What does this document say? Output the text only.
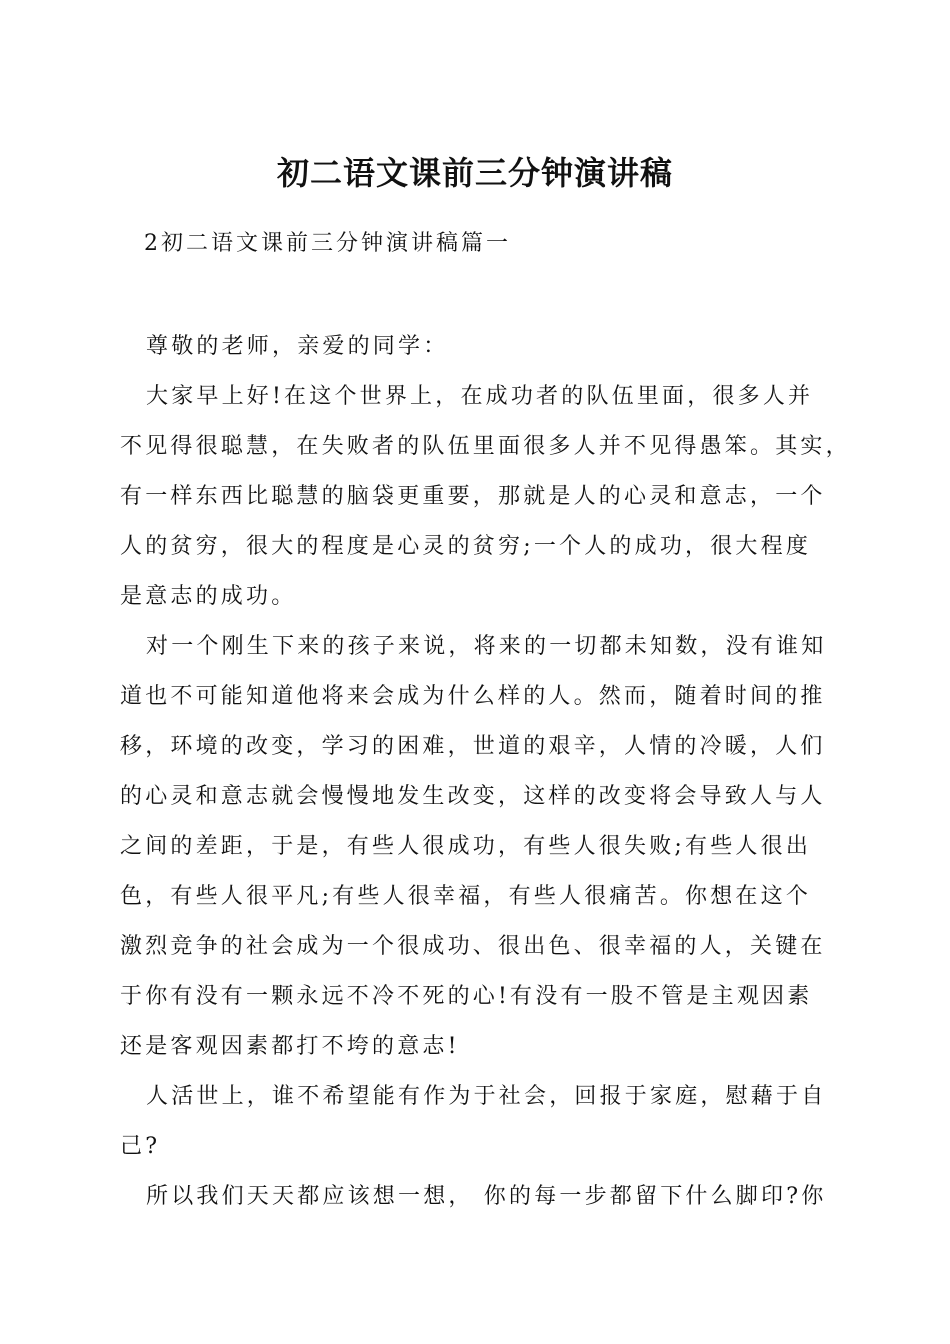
初二语文课前三分钟演讲稿
2初二语文课前三分钟演讲稿篇一
尊敬的老师，亲爱的同学：
大家早上好!在这个世界上，在成功者的队伍里面，很多人并
不见得很聪慧，在失败者的队伍里面很多人并不见得愚笨。其实，
有一样东西比聪慧的脑袋更重要，那就是人的心灵和意志，一个
人的贫穷，很大的程度是心灵的贫穷;一个人的成功，很大程度
是意志的成功。
对一个刚生下来的孩子来说，将来的一切都未知数，没有谁知
道也不可能知道他将来会成为什么样的人。然而，随着时间的推
移，环境的改变，学习的困难，世道的艰辛，人情的冷暖，人们
的心灵和意志就会慢慢地发生改变，这样的改变将会导致人与人
之间的差距，于是，有些人很成功，有些人很失败;有些人很出
色，有些人很平凡;有些人很幸福，有些人很痛苦。你想在这个
激烈竞争的社会成为一个很成功、很出色、很幸福的人，关键在
于你有没有一颗永远不冷不死的心!有没有一股不管是主观因素
还是客观因素都打不垮的意志!
人活世上，谁不希望能有作为于社会，回报于家庭，慰藉于自
己?
所以我们天天都应该想一想， 你的每一步都留下什么脚印?你
